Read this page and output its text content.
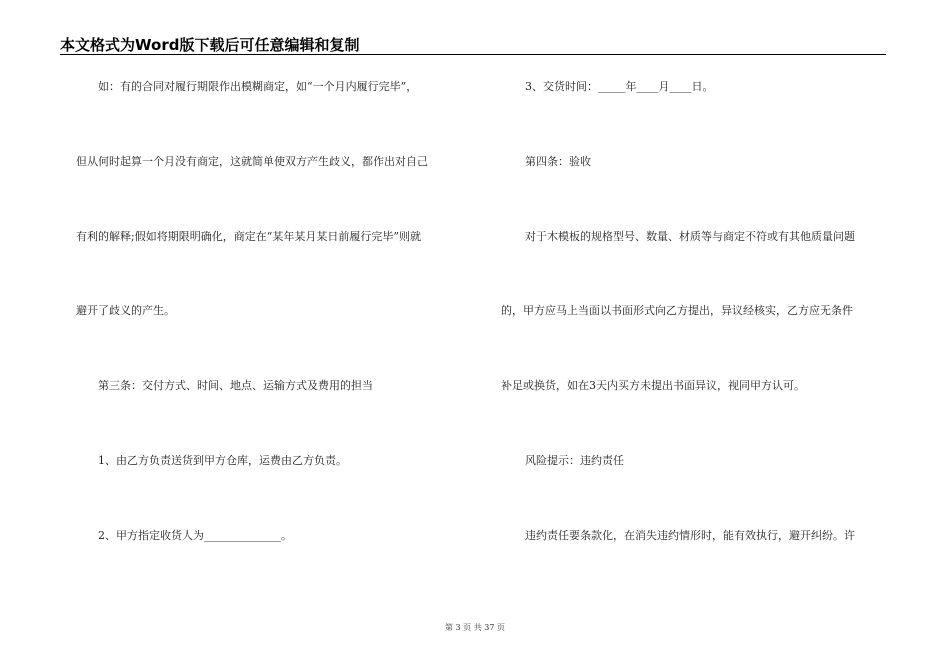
本文格式为Word版下载后可任意编辑和复制
如：有的合同对履行期限作出模糊商定，如“一个月内履行完毕”，
但从何时起算一个月没有商定，这就简单使双方产生歧义，都作出对自己
有利的解释;假如将期限明确化，商定在“某年某月某日前履行完毕”则就
避开了歧义的产生。
第三条：交付方式、时间、地点、运输方式及费用的担当
1、由乙方负责送货到甲方仓库，运费由乙方负责。
2、甲方指定收货人为______________。
3、交货时间：_____年____月____日。
第四条：验收
对于木模板的规格型号、数量、材质等与商定不符或有其他质量问题
的，甲方应马上当面以书面形式向乙方提出，异议经核实，乙方应无条件
补足或换货，如在3天内买方未提出书面异议，视同甲方认可。
风险提示：违约责任
违约责任要条款化，在消失违约情形时，能有效执行，避开纠纷。许
第 3 页 共 37 页
